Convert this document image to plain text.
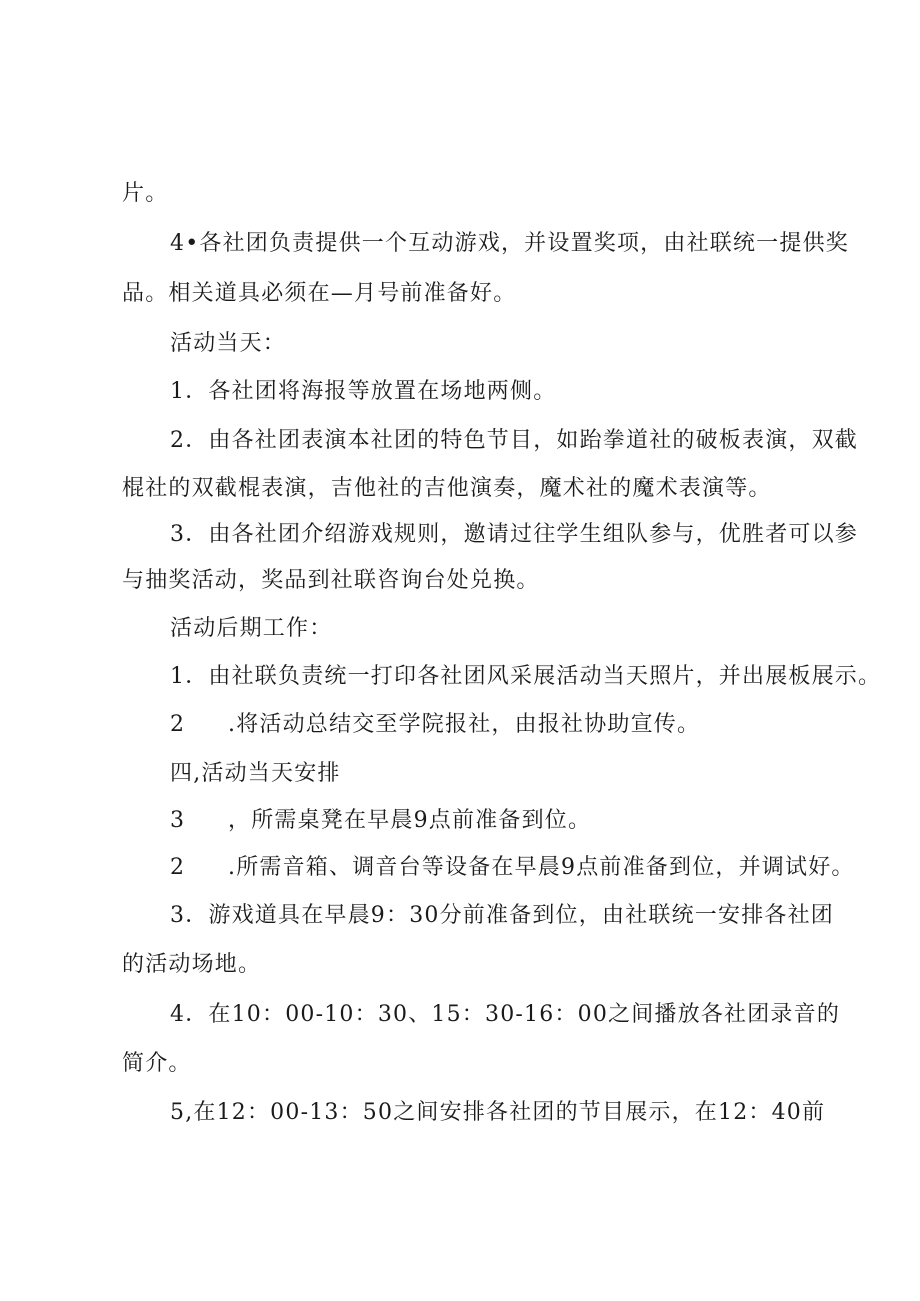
片。
4•各社团负责提供一个互动游戏，并设置奖项，由社联统一提供奖
品。相关道具必须在—月号前准备好。
活动当天：
1．各社团将海报等放置在场地两侧。
2．由各社团表演本社团的特色节目，如跆拳道社的破板表演，双截
棍社的双截棍表演，吉他社的吉他演奏，魔术社的魔术表演等。
3．由各社团介绍游戏规则，邀请过往学生组队参与，优胜者可以参
与抽奖活动，奖品到社联咨询台处兑换。
活动后期工作：
1．由社联负责统一打印各社团风采展活动当天照片，并出展板展示。
2 .将活动总结交至学院报社，由报社协助宣传。
四,活动当天安排
3 ，所需桌凳在早晨9点前准备到位。
2 .所需音箱、调音台等设备在早晨9点前准备到位，并调试好。
3．游戏道具在早晨9：30分前准备到位，由社联统一安排各社团
的活动场地。
4．在10：00-10：30、15：30-16：00之间播放各社团录音的
简介。
5,在12：00-13：50之间安排各社团的节目展示，在12：40前
